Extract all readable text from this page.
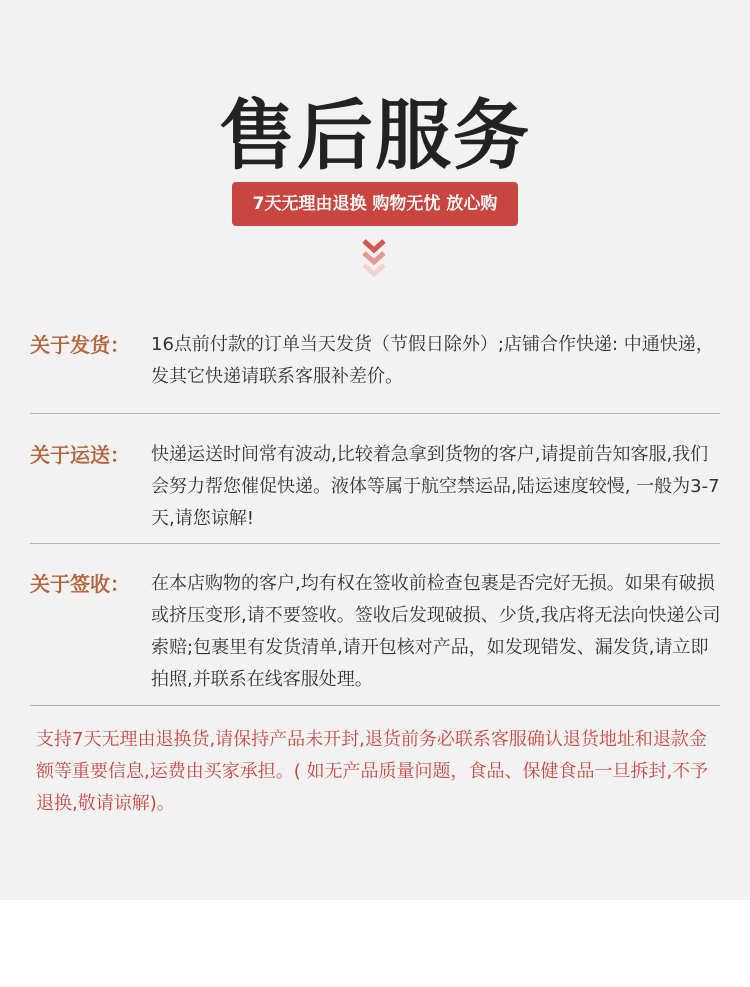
售后服务
7天无理由退换 购物无忧 放心购
关于发货： 16点前付款的订单当天发货（节假日除外）;店铺合作快递: 中通快递，发其它快递请联系客服补差价。
关于运送： 快递运送时间常有波动,比较着急拿到货物的客户,请提前告知客服,我们会努力帮您催促快递。液体等属于航空禁运品,陆运速度较慢, 一般为3-7天,请您谅解!
关于签收： 在本店购物的客户,均有权在签收前检查包裹是否完好无损。如果有破损或挤压变形,请不要签收。签收后发现破损、少货,我店将无法向快递公司索赔;包裹里有发货清单,请开包核对产品，如发现错发、漏发货,请立即拍照,并联系在线客服处理。
支持7天无理由退换货,请保持产品未开封,退货前务必联系客服确认退货地址和退款金额等重要信息,运费由买家承担。( 如无产品质量问题，食品、保健食品一旦拆封,不予退换,敬请谅解)。
